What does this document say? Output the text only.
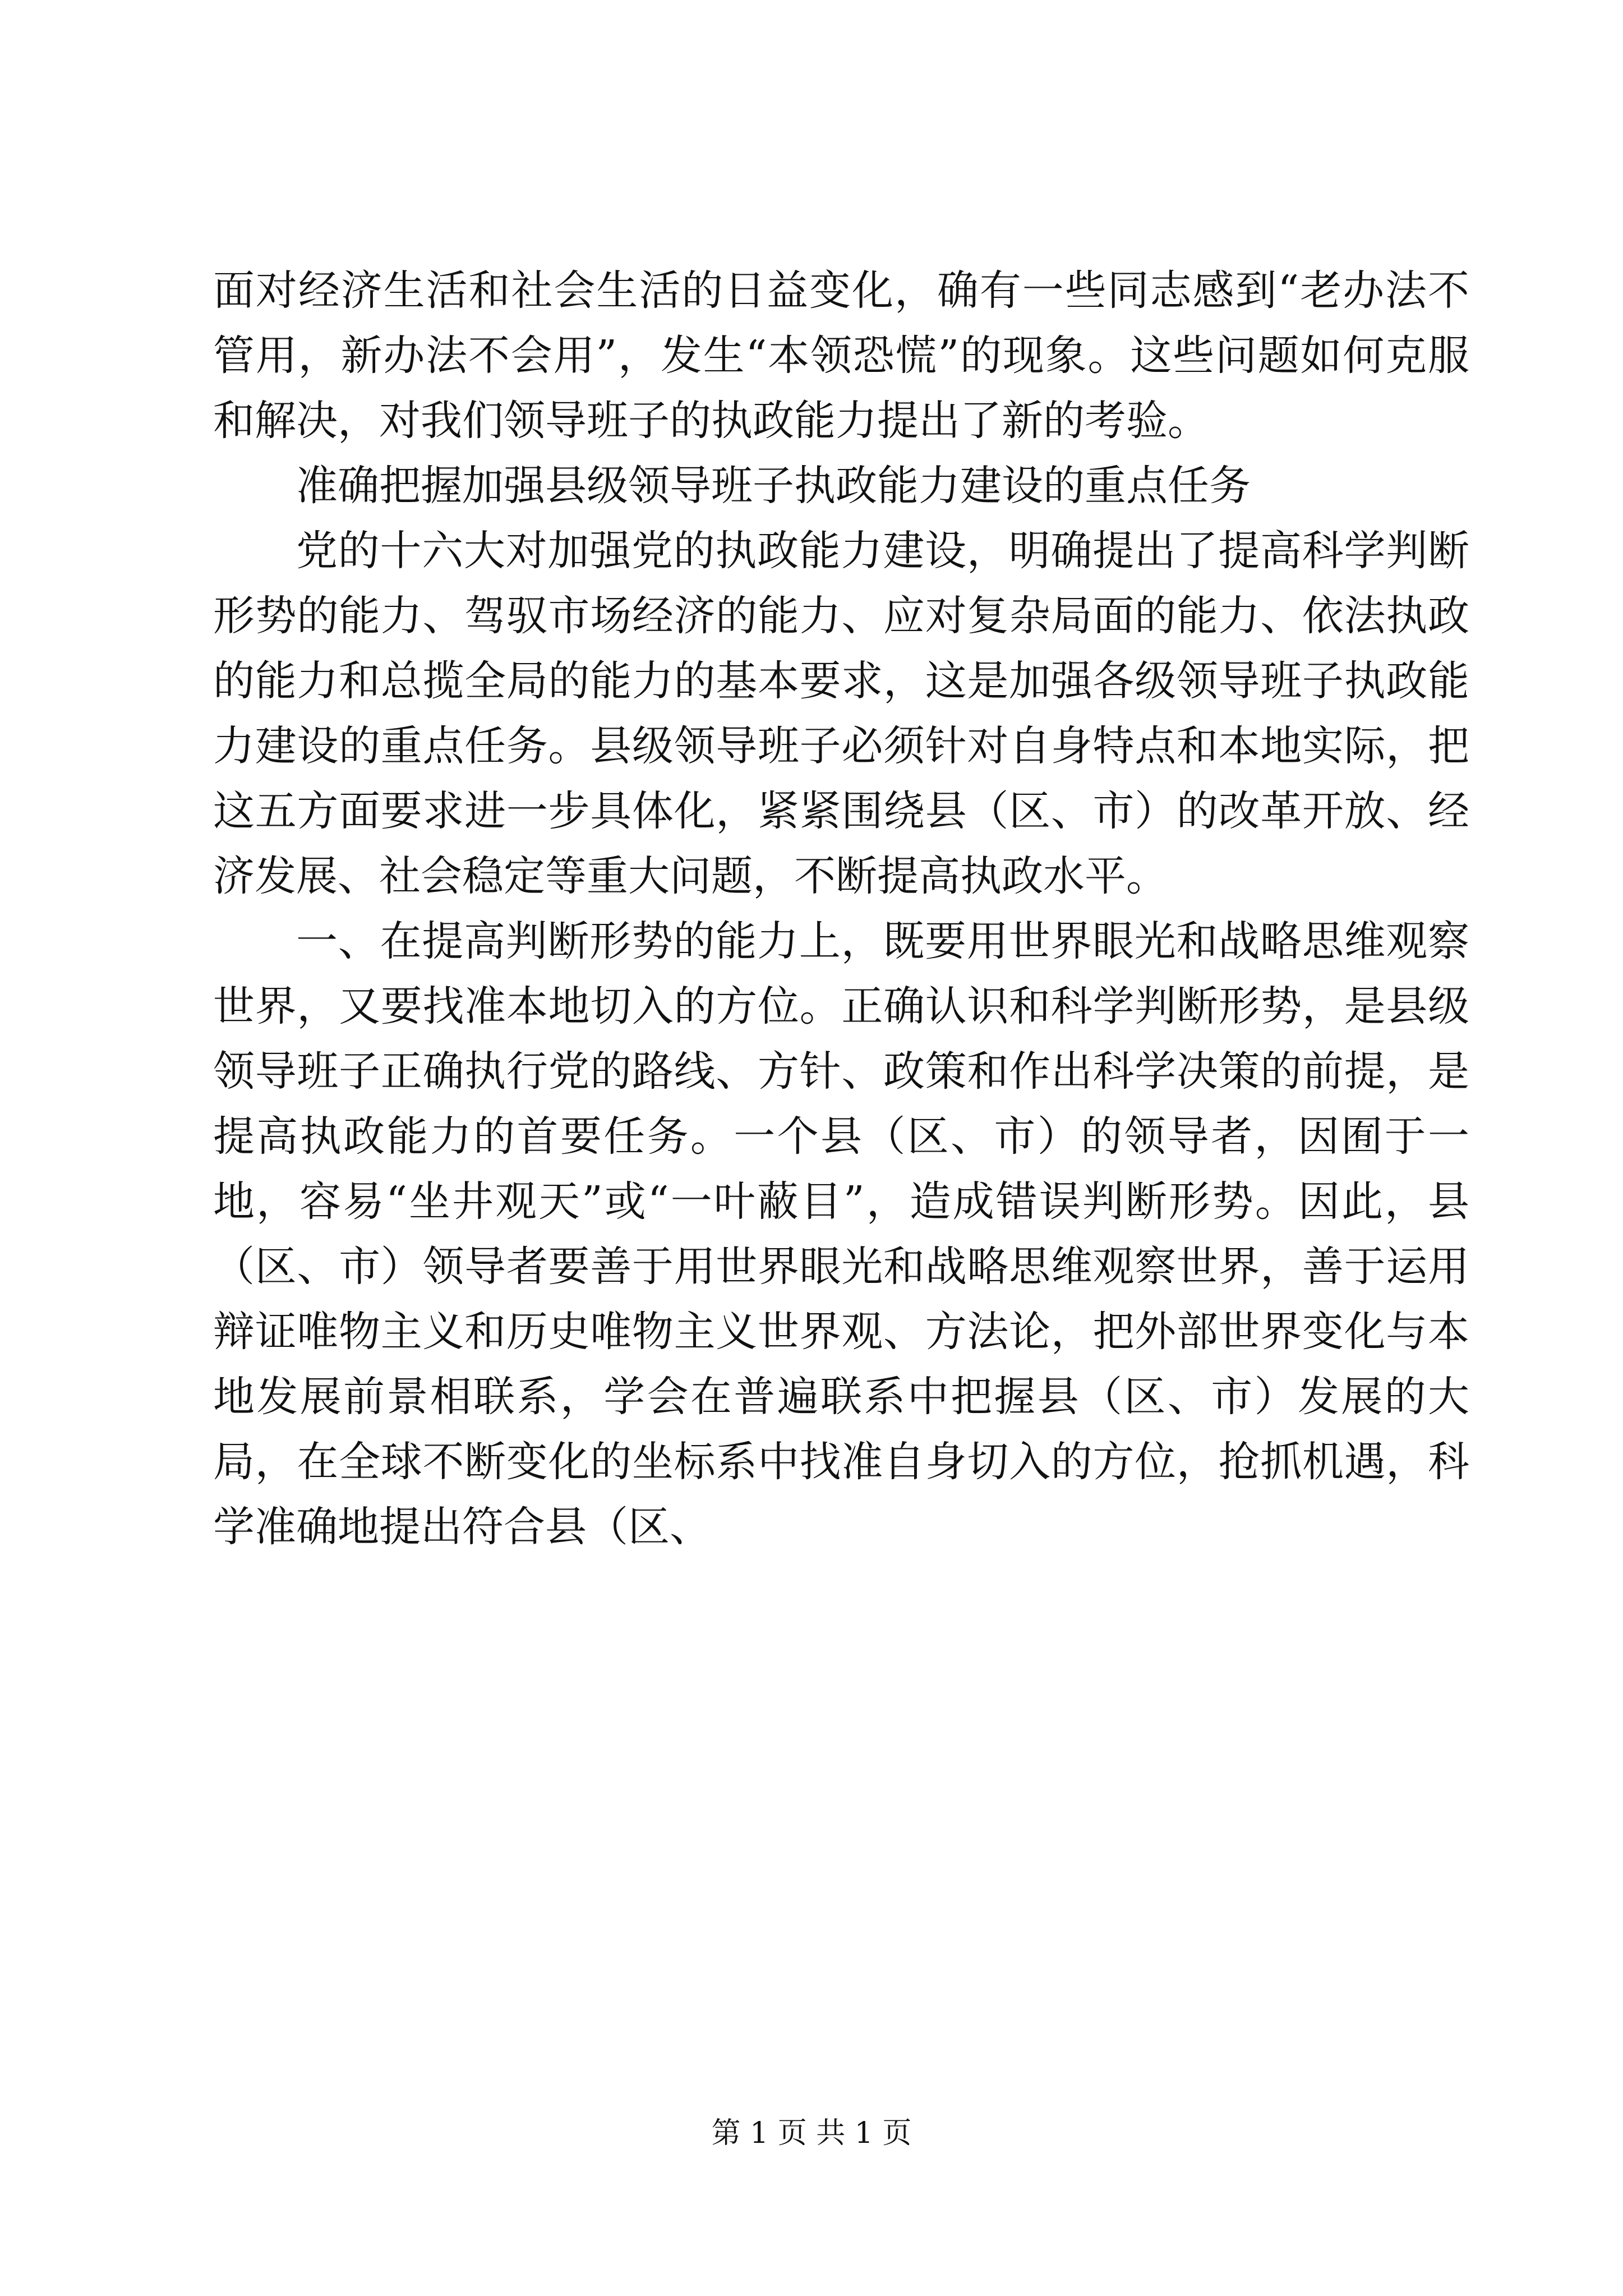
面对经济生活和社会生活的日益变化，确有一些同志感到“老办法不管用，新办法不会用”，发生“本领恐慌”的现象。这些问题如何克服和解决，对我们领导班子的执政能力提出了新的考验。

准确把握加强县级领导班子执政能力建设的重点任务

党的十六大对加强党的执政能力建设，明确提出了提高科学判断形势的能力、驾驭市场经济的能力、应对复杂局面的能力、依法执政的能力和总揽全局的能力的基本要求，这是加强各级领导班子执政能力建设的重点任务。县级领导班子必须针对自身特点和本地实际，把这五方面要求进一步具体化，紧紧围绕县（区、市）的改革开放、经济发展、社会稳定等重大问题，不断提高执政水平。

一、在提高判断形势的能力上，既要用世界眼光和战略思维观察世界，又要找准本地切入的方位。正确认识和科学判断形势，是县级领导班子正确执行党的路线、方针、政策和作出科学决策的前提，是提高执政能力的首要任务。一个县（区、市）的领导者，因囿于一地，容易“坐井观天”或“一叶蔽目”，造成错误判断形势。因此，县（区、市）领导者要善于用世界眼光和战略思维观察世界，善于运用辩证唯物主义和历史唯物主义世界观、方法论，把外部世界变化与本地发展前景相联系，学会在普遍联系中把握县（区、市）发展的大局，在全球不断变化的坐标系中找准自身切入的方位，抢抓机遇，科学准确地提出符合县（区、

第 1 页 共 1 页
